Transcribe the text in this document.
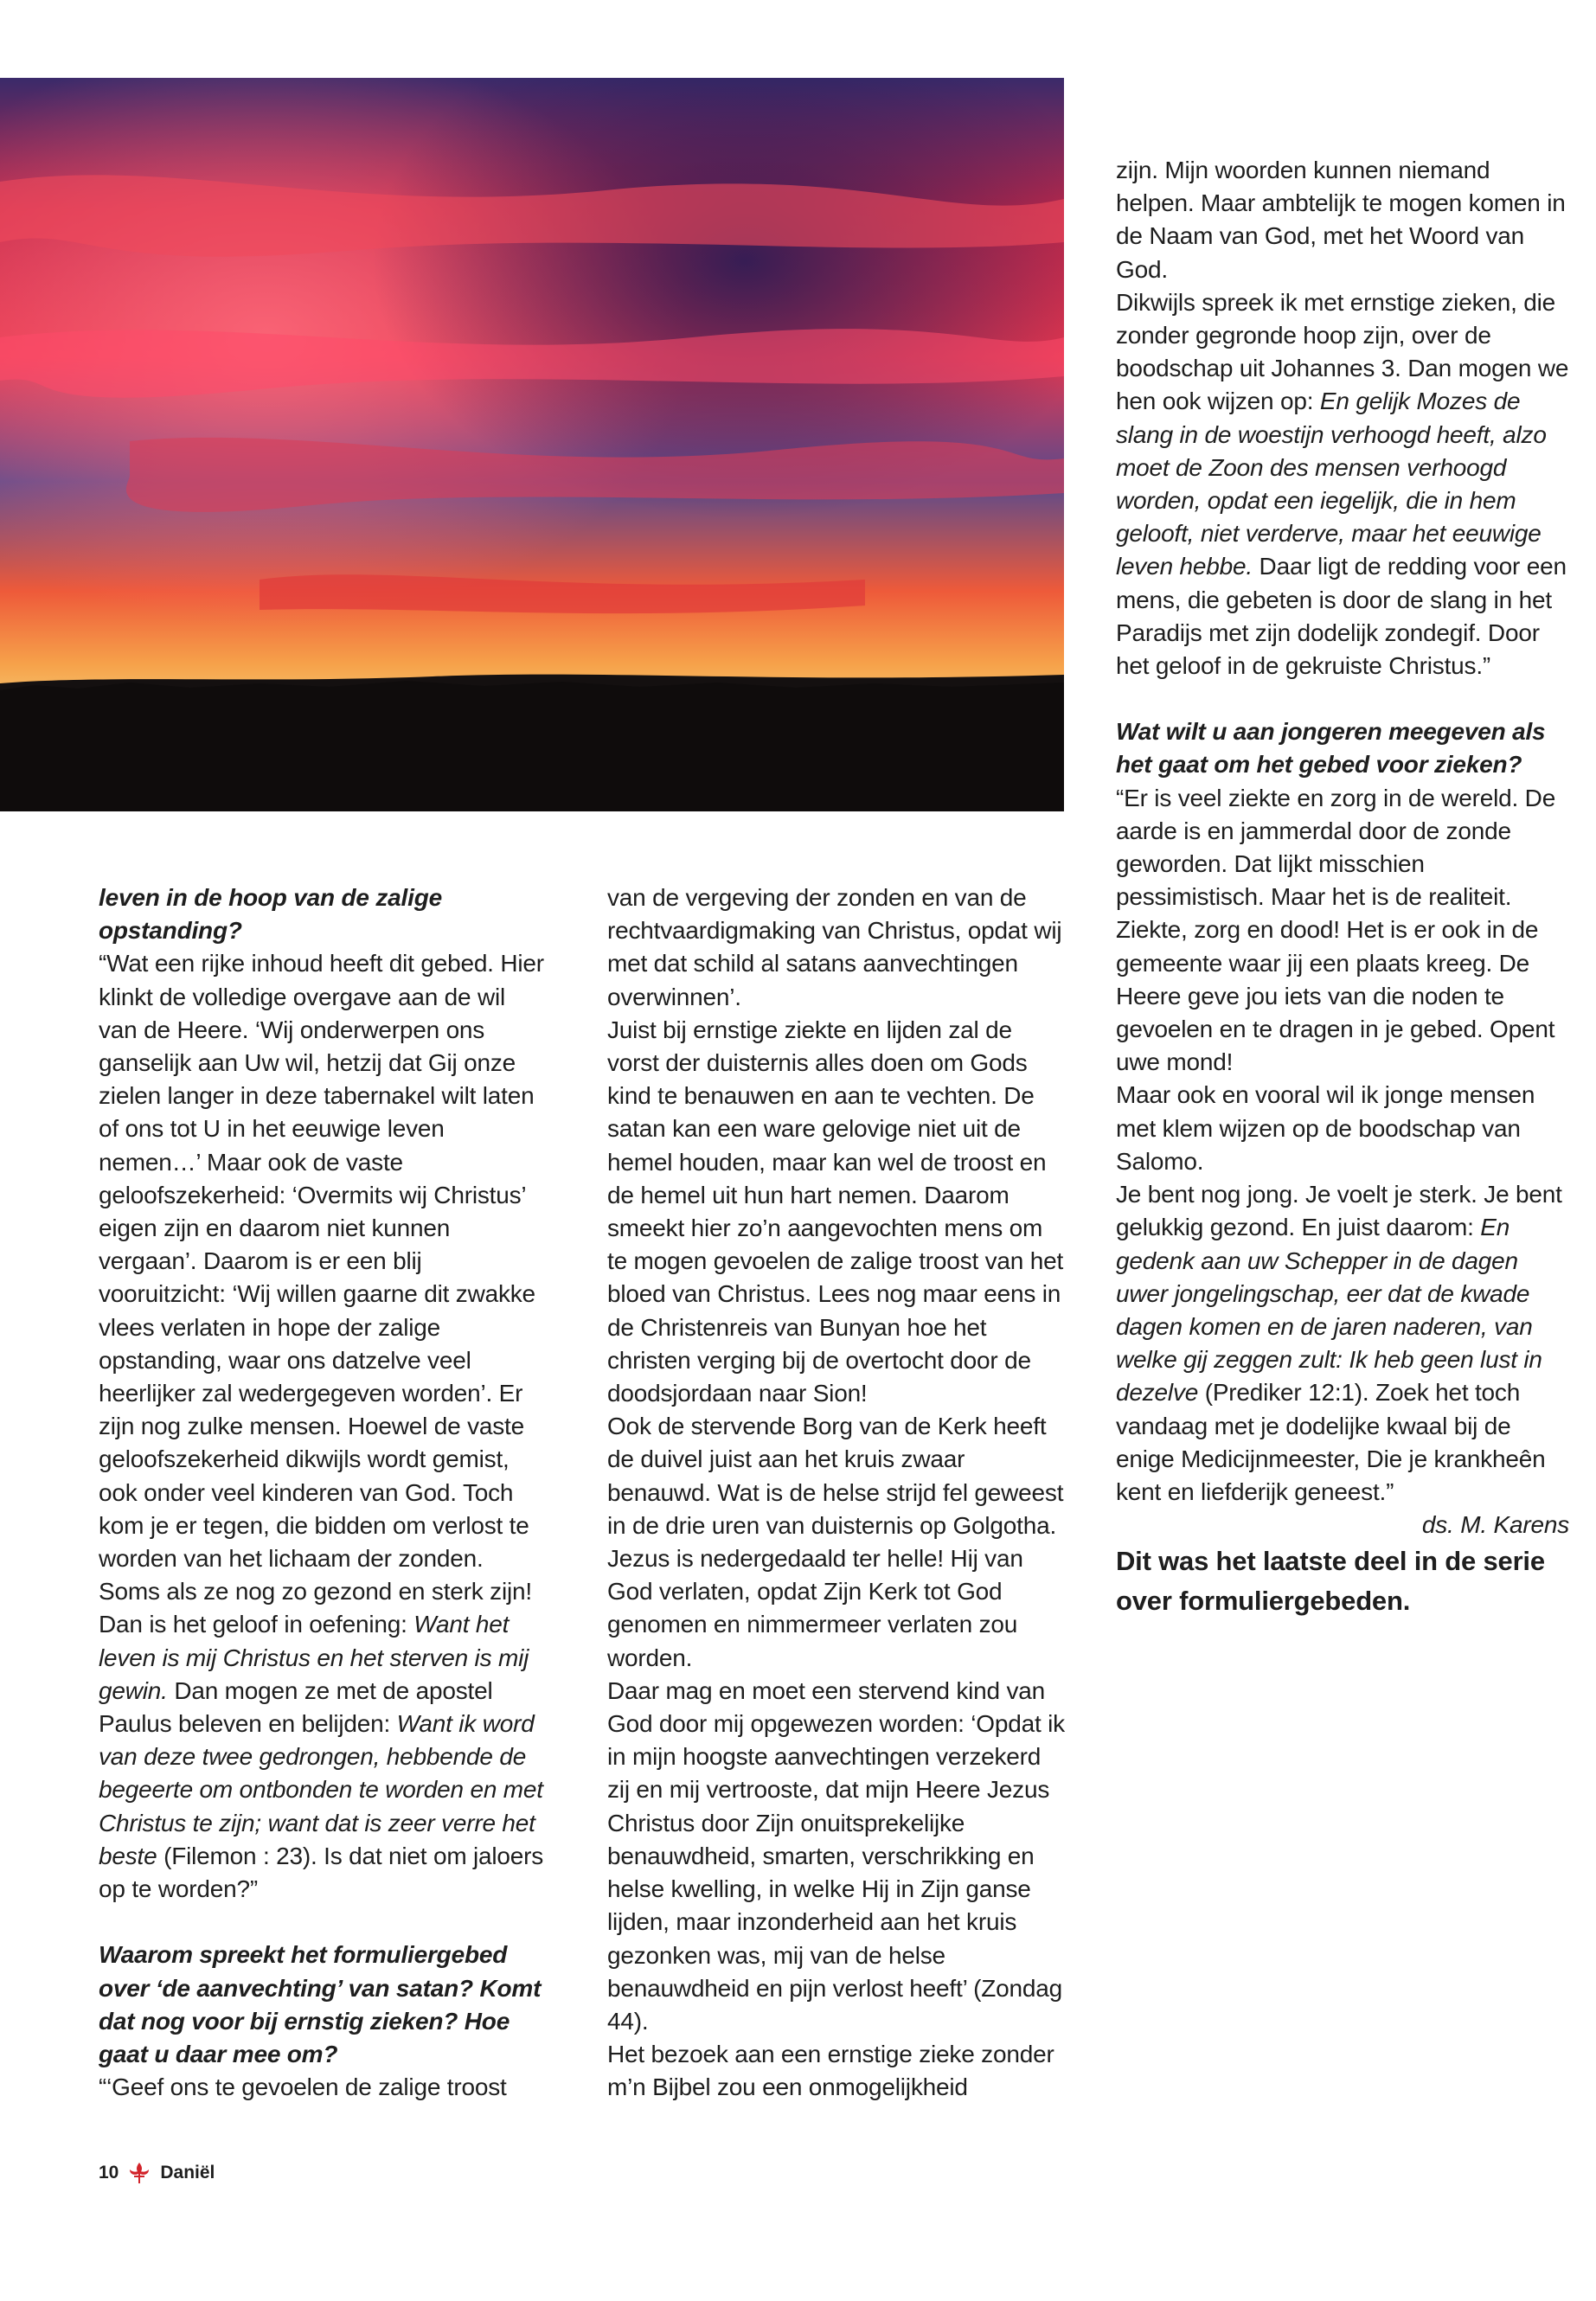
leven in de hoop van de zalige opstanding?

“Wat een rijke inhoud heeft dit gebed. Hier klinkt de volledige overgave aan de wil van de Heere. ‘Wij onderwerpen ons ganselijk aan Uw wil, hetzij dat Gij onze zielen langer in deze tabernakel wilt laten of ons tot U in het eeuwige leven nemen…’ Maar ook de vaste geloofszekerheid: ‘Overmits wij Christus’ eigen zijn en daarom niet kunnen vergaan’. Daarom is er een blij vooruitzicht: ‘Wij willen gaarne dit zwakke vlees verlaten in hope der zalige opstanding, waar ons datzelve veel heerlijker zal wedergegeven worden’. Er zijn nog zulke mensen. Hoewel de vaste geloofszekerheid dikwijls wordt gemist, ook onder veel kinderen van God. Toch kom je er tegen, die bidden om verlost te worden van het lichaam der zonden. Soms als ze nog zo gezond en sterk zijn! Dan is het geloof in oefening: Want het leven is mij Christus en het sterven is mij gewin. Dan mogen ze met de apostel Paulus beleven en belijden: Want ik word van deze twee gedrongen, hebbende de begeerte om ontbonden te worden en met Christus te zijn; want dat is zeer verre het beste (Filemon : 23). Is dat niet om jaloers op te worden?”

Waarom spreekt het formuliergebed over ‘de aanvechting’ van satan? Komt dat nog voor bij ernstig zieken? Hoe gaat u daar mee om?

“‘Geef ons te gevoelen de zalige troost

van de vergeving der zonden en van de rechtvaardigmaking van Christus, opdat wij met dat schild al satans aanvechtingen overwinnen’.

Juist bij ernstige ziekte en lijden zal de vorst der duisternis alles doen om Gods kind te benauwen en aan te vechten. De satan kan een ware gelovige niet uit de hemel houden, maar kan wel de troost en de hemel uit hun hart nemen. Daarom smeekt hier zo’n aangevochten mens om te mogen gevoelen de zalige troost van het bloed van Christus. Lees nog maar eens in de Christenreis van Bunyan hoe het christen verging bij de overtocht door de doodsjordaan naar Sion!

Ook de stervende Borg van de Kerk heeft de duivel juist aan het kruis zwaar benauwd. Wat is de helse strijd fel geweest in de drie uren van duisternis op Golgotha. Jezus is nedergedaald ter helle! Hij van God verlaten, opdat Zijn Kerk tot God genomen en nimmermeer verlaten zou worden.

Daar mag en moet een stervend kind van God door mij opgewezen worden: ‘Opdat ik in mijn hoogste aanvechtingen verzekerd zij en mij vertrooste, dat mijn Heere Jezus Christus door Zijn onuitsprekelijke benauwdheid, smarten, verschrikking en helse kwelling, in welke Hij in Zijn ganse lijden, maar inzonderheid aan het kruis gezonken was, mij van de helse benauwdheid en pijn verlost heeft’ (Zondag 44).

Het bezoek aan een ernstige zieke zonder m’n Bijbel zou een onmogelijkheid

zijn. Mijn woorden kunnen niemand helpen. Maar ambtelijk te mogen komen in de Naam van God, met het Woord van God.

Dikwijls spreek ik met ernstige zieken, die zonder gegronde hoop zijn, over de boodschap uit Johannes 3. Dan mogen we hen ook wijzen op: En gelijk Mozes de slang in de woestijn verhoogd heeft, alzo moet de Zoon des mensen verhoogd worden, opdat een iegelijk, die in hem gelooft, niet verderve, maar het eeuwige leven hebbe. Daar ligt de redding voor een mens, die gebeten is door de slang in het Paradijs met zijn dodelijk zondegif. Door het geloof in de gekruiste Christus.”

Wat wilt u aan jongeren meegeven als het gaat om het gebed voor zieken?

“Er is veel ziekte en zorg in de wereld. De aarde is en jammerdal door de zonde geworden. Dat lijkt misschien pessimistisch. Maar het is de realiteit. Ziekte, zorg en dood! Het is er ook in de gemeente waar jij een plaats kreeg. De Heere geve jou iets van die noden te gevoelen en te dragen in je gebed. Opent uwe mond!

Maar ook en vooral wil ik jonge mensen met klem wijzen op de boodschap van Salomo.

Je bent nog jong. Je voelt je sterk. Je bent gelukkig gezond. En juist daarom: En gedenk aan uw Schepper in de dagen uwer jongelingschap, eer dat de kwade dagen komen en de jaren naderen, van welke gij zeggen zult: Ik heb geen lust in dezelve (Prediker 12:1). Zoek het toch vandaag met je dodelijke kwaal bij de enige Medicijnmeester, Die je krankheên kent en liefderijk geneest.”

ds. M. Karens

Dit was het laatste deel in de serie over formuliergebeden.

10 Daniël
